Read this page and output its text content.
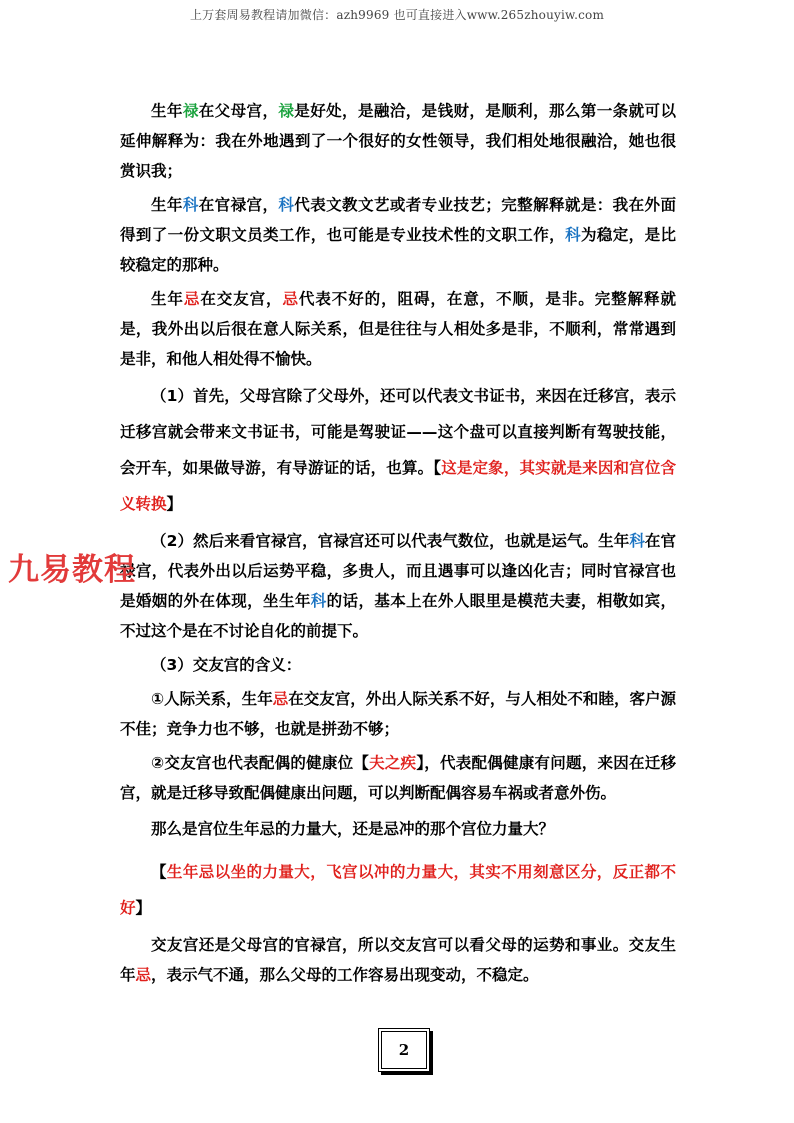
上万套周易教程请加微信：azh9969 也可直接进入www.265zhouyiw.com
九易教程

生年禄在父母宫，禄是好处，是融洽，是钱财，是顺利，那么第一条就可以延伸解释为：我在外地遇到了一个很好的女性领导，我们相处地很融洽，她也很赏识我；

生年科在官禄宫，科代表文教文艺或者专业技艺；完整解释就是：我在外面得到了一份文职文员类工作，也可能是专业技术性的文职工作，科为稳定，是比较稳定的那种。

生年忌在交友宫，忌代表不好的，阻碍，在意，不顺，是非。完整解释就是，我外出以后很在意人际关系，但是往往与人相处多是非，不顺利，常常遇到是非，和他人相处得不愉快。

（1）首先，父母宫除了父母外，还可以代表文书证书，来因在迁移宫，表示迁移宫就会带来文书证书，可能是驾驶证——这个盘可以直接判断有驾驶技能，会开车，如果做导游，有导游证的话，也算。【这是定象，其实就是来因和宫位含义转换】

（2）然后来看官禄宫，官禄宫还可以代表气数位，也就是运气。生年科在官禄宫，代表外出以后运势平稳，多贵人，而且遇事可以逢凶化吉；同时官禄宫也是婚姻的外在体现，坐生年科的话，基本上在外人眼里是模范夫妻，相敬如宾，不过这个是在不讨论自化的前提下。

（3）交友宫的含义：

①人际关系，生年忌在交友宫，外出人际关系不好，与人相处不和睦，客户源不佳；竞争力也不够，也就是拼劲不够；

②交友宫也代表配偶的健康位【夫之疾】，代表配偶健康有问题，来因在迁移宫，就是迁移导致配偶健康出问题，可以判断配偶容易车祸或者意外伤。

那么是宫位生年忌的力量大，还是忌冲的那个宫位力量大？

【生年忌以坐的力量大，飞宫以冲的力量大，其实不用刻意区分，反正都不好】

交友宫还是父母宫的官禄宫，所以交友宫可以看父母的运势和事业。交友生年忌，表示气不通，那么父母的工作容易出现变动，不稳定。

2
